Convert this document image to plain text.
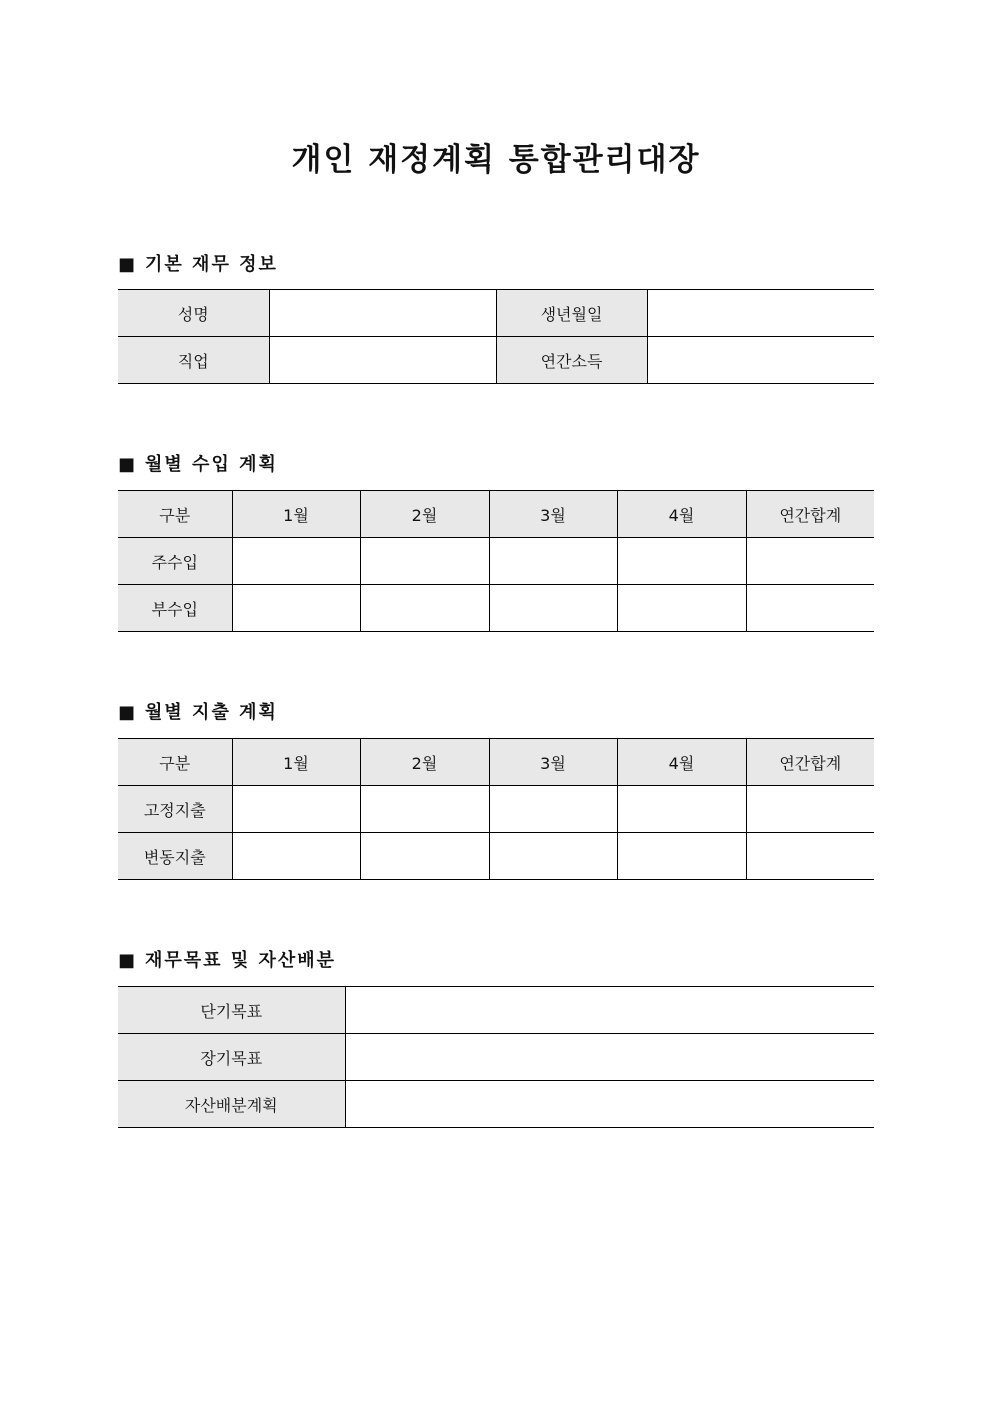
개인 재정계획 통합관리대장
■ 기본 재무 정보
성명		생년월일	
직업		연간소득	
■ 월별 수입 계획
구분	1월	2월	3월	4월	연간합계
주수입					
부수입					
■ 월별 지출 계획
구분	1월	2월	3월	4월	연간합계
고정지출					
변동지출					
■ 재무목표 및 자산배분
단기목표	
장기목표	
자산배분계획	
